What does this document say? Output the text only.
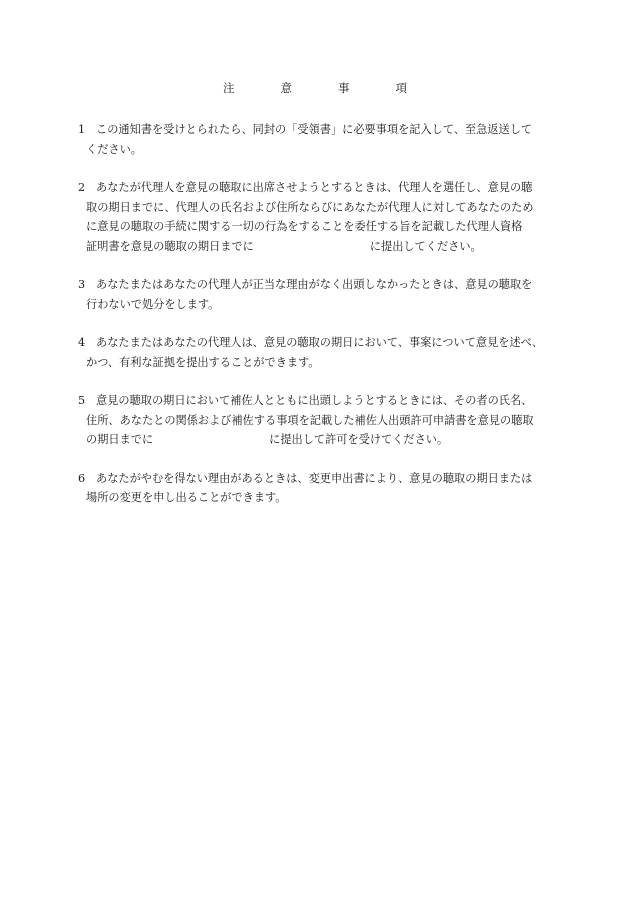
注	意	事	項
1 この通知書を受けとられたら、同封の「受領書」に必要事項を記入して、至急返送して
ください。
2 あなたが代理人を意見の聴取に出席させようとするときは、代理人を選任し、意見の聴
取の期日までに、代理人の氏名および住所ならびにあなたが代理人に対してあなたのため
に意見の聴取の手続に関する一切の行為をすることを委任する旨を記載した代理人資格
証明書を意見の聴取の期日までに	に提出してください。
3 あなたまたはあなたの代理人が正当な理由がなく出頭しなかったときは、意見の聴取を
行わないで処分をします。
4 あなたまたはあなたの代理人は、意見の聴取の期日において、事案について意見を述べ、
かつ、有利な証拠を提出することができます。
5 意見の聴取の期日において補佐人とともに出頭しようとするときには、その者の氏名、
住所、あなたとの関係および補佐する事項を記載した補佐人出頭許可申請書を意見の聴取
の期日までに	に提出して許可を受けてください。
6 あなたがやむを得ない理由があるときは、変更申出書により、意見の聴取の期日または
場所の変更を申し出ることができます。
